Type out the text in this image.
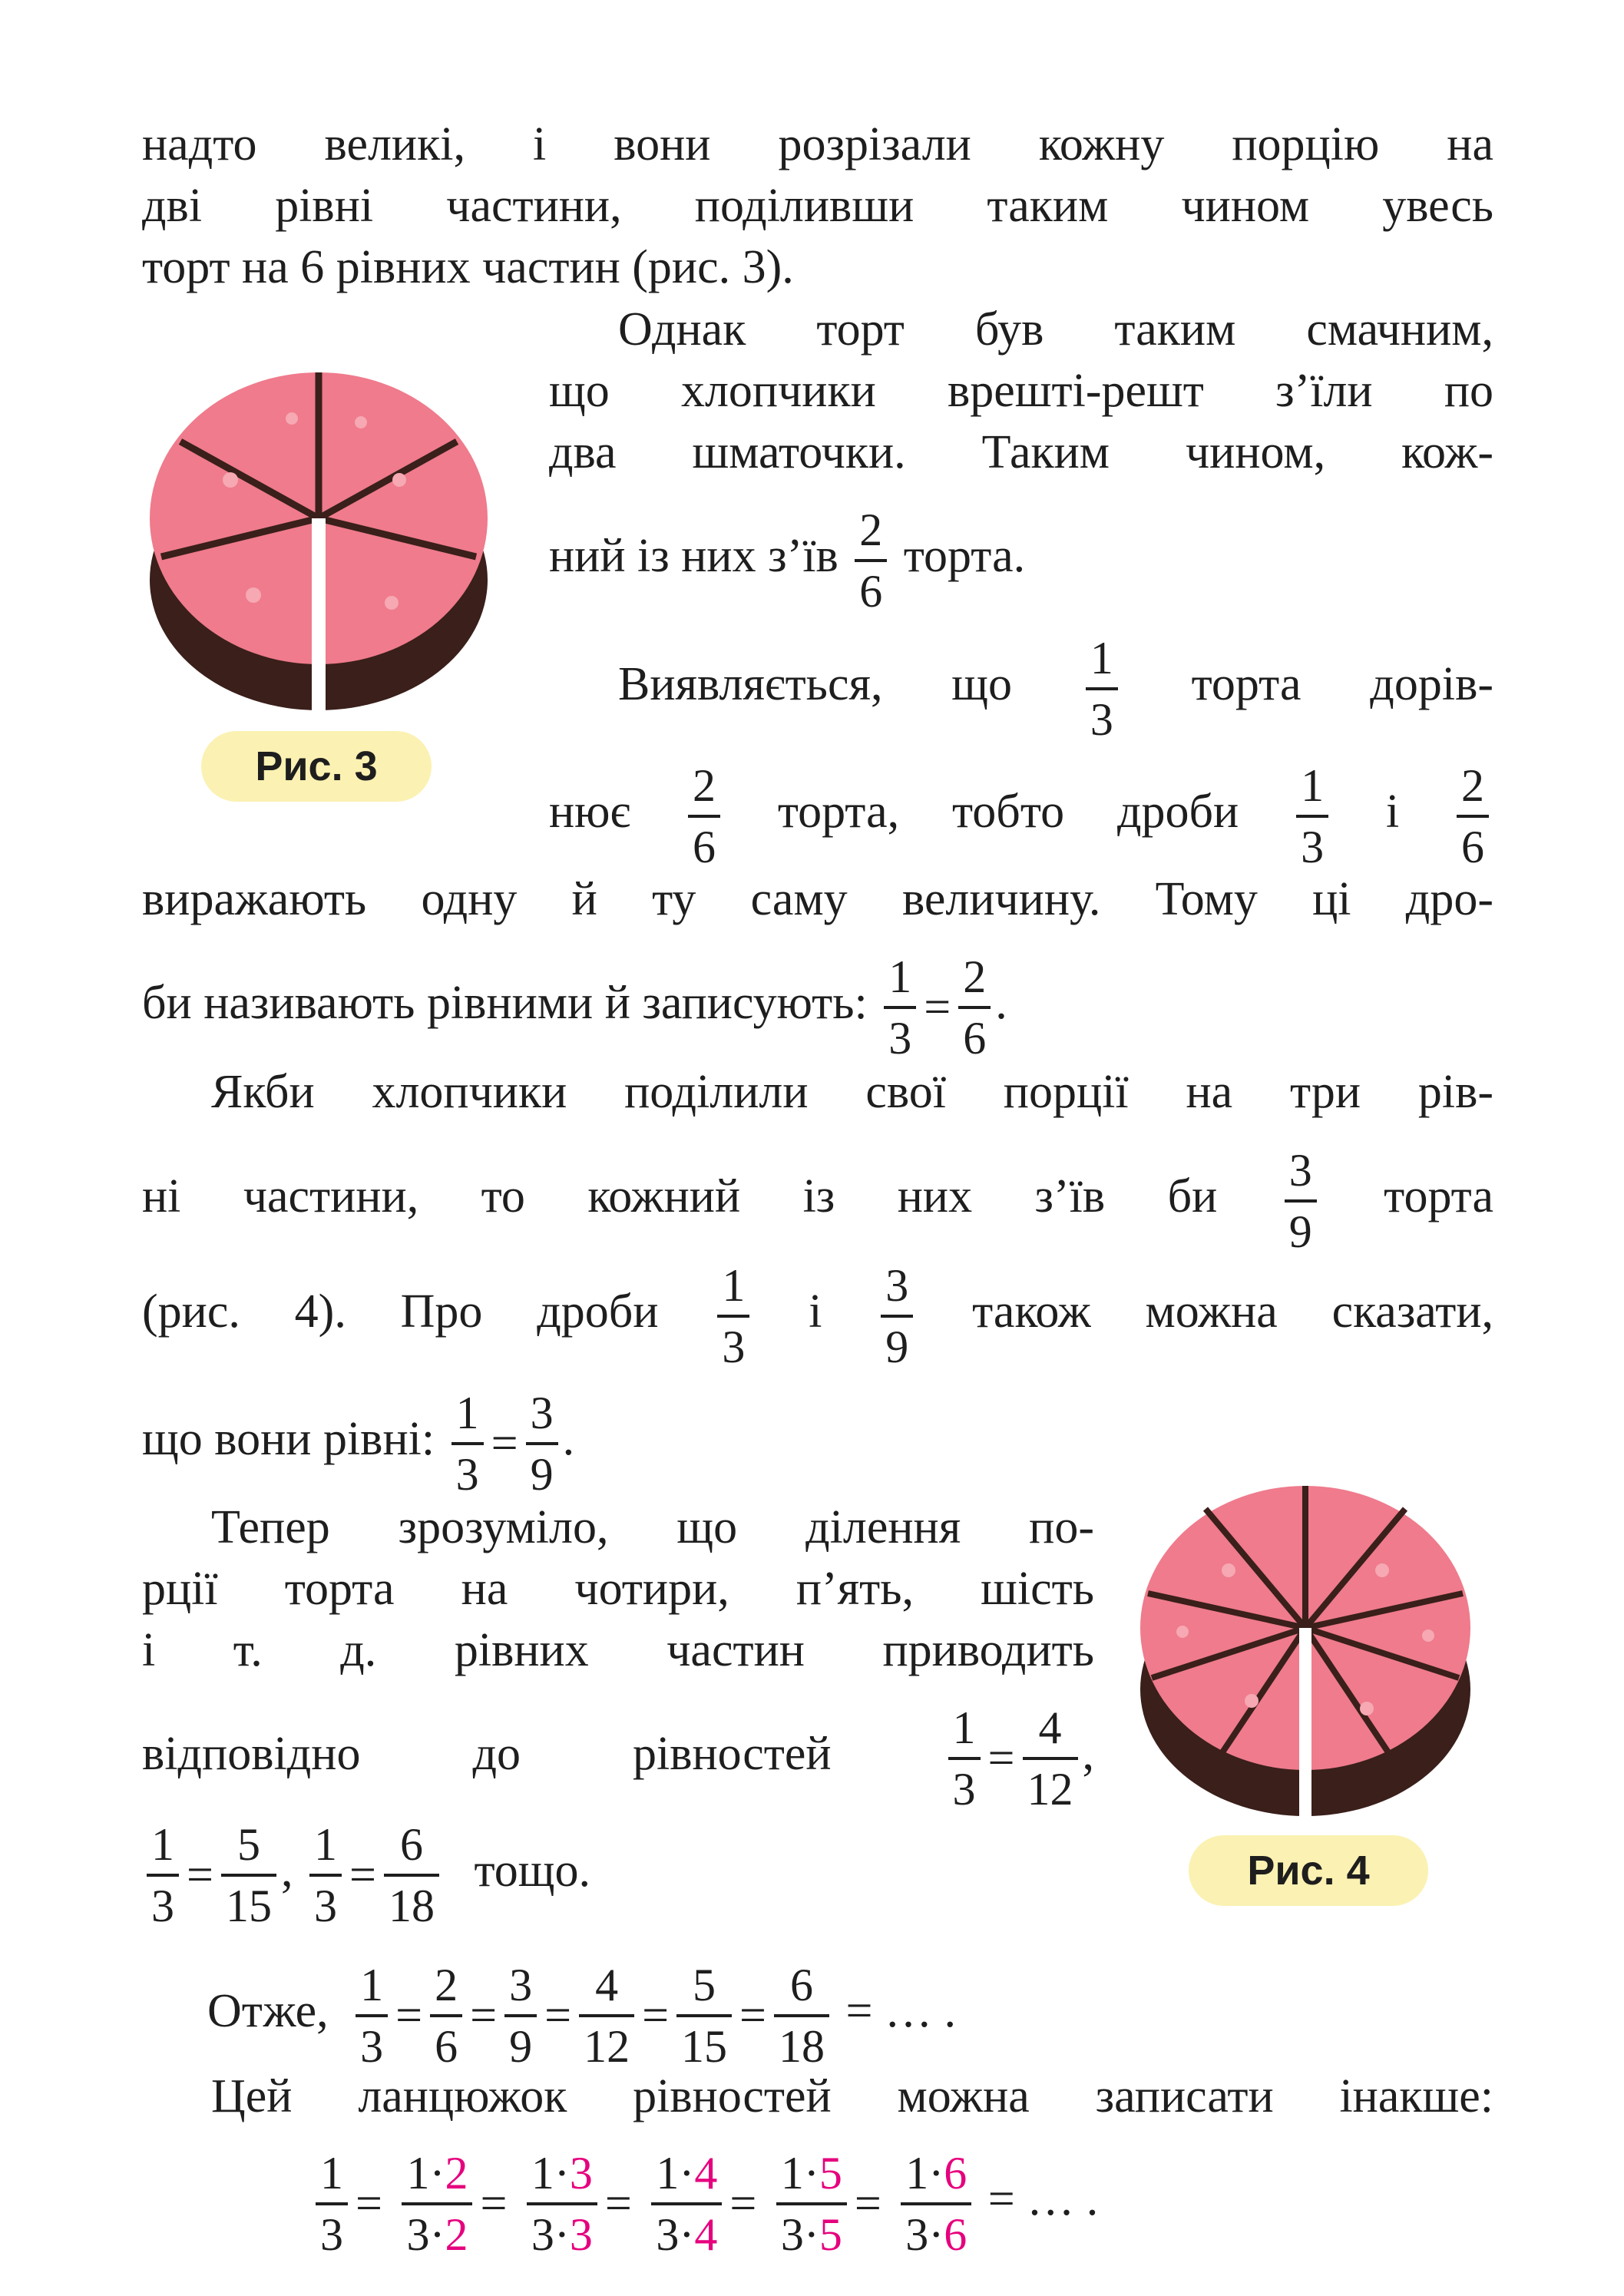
надто великі, і вони розрізали кожну порцію на
дві рівні частини, поділивши таким чином увесь
торт на 6 рівних частин (рис. 3).
Рис. 3
Однак торт був таким смачним,
що хлопчики врешті-решт з’їли по
два шматочки. Таким чином, кож-
ний із них з’їв $\frac{2}{6}$ торта.
Виявляється, що $\frac{1}{3}$ торта дорів-
нює $\frac{2}{6}$ торта, тобто дроби $\frac{1}{3}$ і $\frac{2}{6}$
виражають одну й ту саму величину. Тому ці дро-
би називають рівними й записують: $\frac{1}{3} = \frac{2}{6}$ .
Якби хлопчики поділили свої порції на три рів-
ні частини, то кожний із них з’їв би $\frac{3}{9}$ торта
(рис. 4). Про дроби $\frac{1}{3}$ і $\frac{3}{9}$ також можна сказати,
що вони рівні: $\frac{1}{3} = \frac{3}{9}$ .
Тепер зрозуміло, що ділення по-
рції торта на чотири, п’ять, шість
і т. д. рівних частин приводить
відповідно до рівностей	$\frac{1}{3} = \frac{4}{12}$ ,
$\frac{1}{3} = \frac{5}{15}$ , $\frac{1}{3} = \frac{6}{18}$ тощо.	Рис. 4
Отже, $\frac{1}{3} = \frac{2}{6} = \frac{3}{9} = \frac{4}{12} = \frac{5}{15} = \frac{6}{18}$ = … .
Цей ланцюжок рівностей можна записати інакше:
$\frac{1}{3} = \frac{1\cdot 2}{3\cdot 2} = \frac{1\cdot 3}{3\cdot 3} = \frac{1\cdot 4}{3\cdot 4} = \frac{1\cdot 5}{3\cdot 5} = \frac{1\cdot 6}{3\cdot 6}$ = … .
